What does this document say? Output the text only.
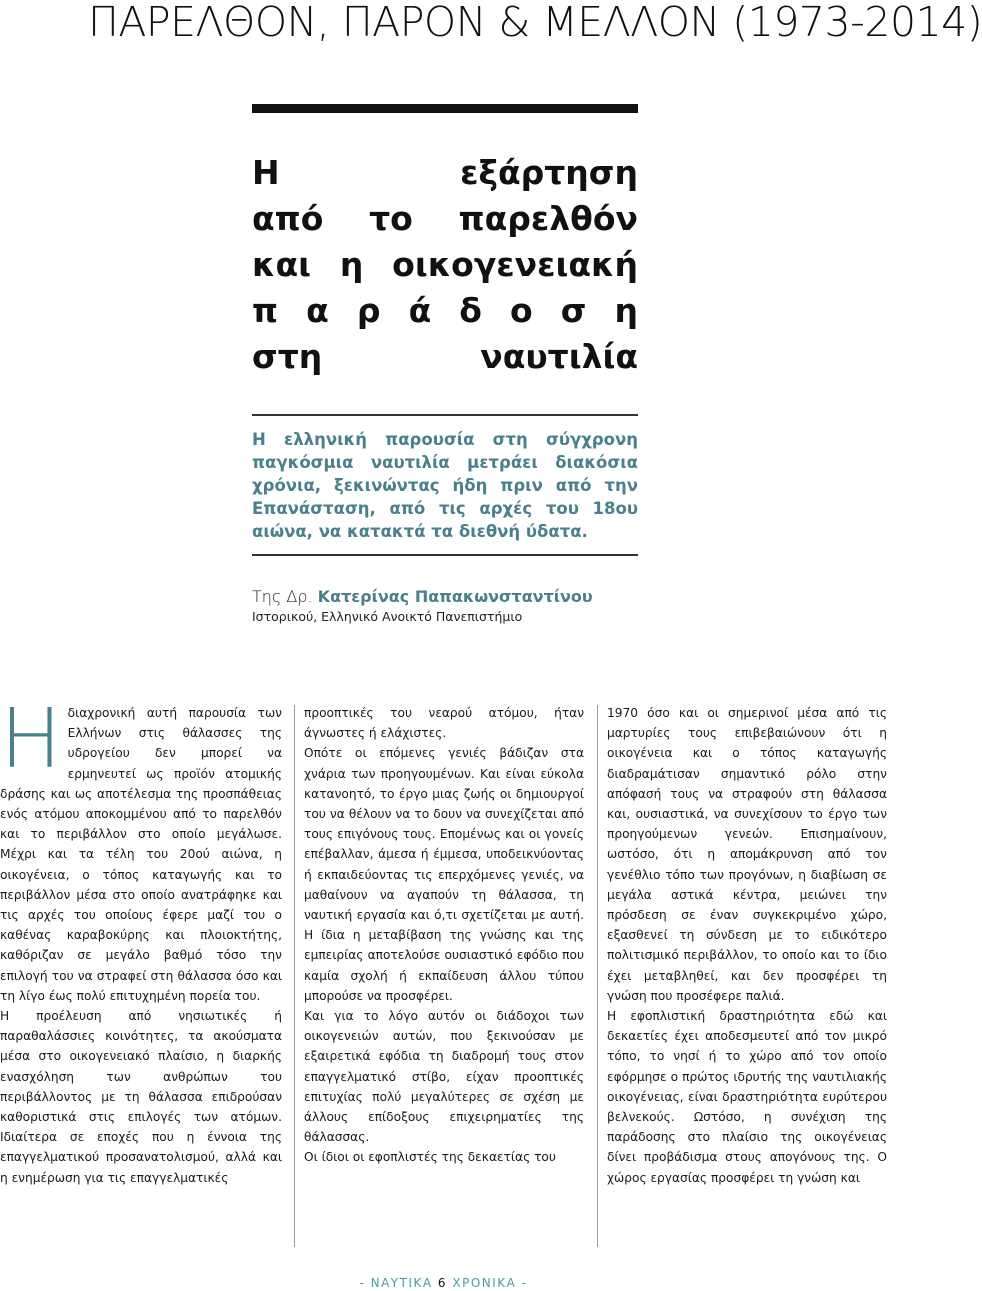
ΠΑΡΕΛΘΟΝ, ΠΑΡΟΝ & ΜΕΛΛΟΝ (1973-2014)
Η εξάρτηση
από το παρελθόν
και η οικογενειακή
π α ρ ά δ ο σ η
στη ναυτιλία
Η ελληνική παρουσία στη σύγχρονη
παγκόσμια ναυτιλία μετράει διακόσια
χρόνια, ξεκινώντας ήδη πριν από την
Επανάσταση, από τις αρχές του 18ου
αιώνα, να κατακτά τα διεθνή ύδατα.
Της Δρ. Κατερίνας Παπακωνσταντίνου
Ιστορικού, Ελληνικό Ανοικτό Πανεπιστήμιο
Η διαχρονική αυτή παρουσία των Ελλήνων στις θάλασσες της υδρογείου δεν μπορεί να ερμηνευτεί ως προϊόν ατομικής δράσης και ως αποτέλεσμα της προσπάθειας ενός ατόμου αποκομμένου από το παρελθόν και το περιβάλλον στο οποίο μεγάλωσε. Μέχρι και τα τέλη του 20ού αιώνα, η οικογένεια, ο τόπος καταγωγής και το περιβάλλον μέσα στο οποίο ανατράφηκε και τις αρχές του οποίους έφερε μαζί του ο καθένας καραβοκύρης και πλοιοκτήτης, καθόριζαν σε μεγάλο βαθμό τόσο την επιλογή του να στραφεί στη θάλασσα όσο και τη λίγο έως πολύ επιτυχημένη πορεία του.

Η προέλευση από νησιωτικές ή παραθαλάσσιες κοινότητες, τα ακούσματα μέσα στο οικογενειακό πλαίσιο, η διαρκής ενασχόληση των ανθρώπων του περιβάλλοντος με τη θάλασσα επιδρούσαν καθοριστικά στις επιλογές των ατόμων. Ιδιαίτερα σε εποχές που η έννοια της επαγγελματικού προσανατολισμού, αλλά και η ενημέρωση για τις επαγγελματικές

προοπτικές του νεαρού ατόμου, ήταν άγνωστες ή ελάχιστες.

Οπότε οι επόμενες γενιές βάδιζαν στα χνάρια των προηγουμένων. Και είναι εύκολα κατανοητό, το έργο μιας ζωής οι δημιουργοί του να θέλουν να το δουν να συνεχίζεται από τους επιγόνους τους. Επομένως και οι γονείς επέβαλλαν, άμεσα ή έμμεσα, υποδεικνύοντας ή εκπαιδεύοντας τις επερχόμενες γενιές, να μαθαίνουν να αγαπούν τη θάλασσα, τη ναυτική εργασία και ό,τι σχετίζεται με αυτή. Η ίδια η μεταβίβαση της γνώσης και της εμπειρίας αποτελούσε ουσιαστικό εφόδιο που καμία σχολή ή εκπαίδευση άλλου τύπου μπορούσε να προσφέρει.

Και για το λόγο αυτόν οι διάδοχοι των οικογενειών αυτών, που ξεκινούσαν με εξαιρετικά εφόδια τη διαδρομή τους στον επαγγελματικό στίβο, είχαν προοπτικές επιτυχίας πολύ μεγαλύτερες σε σχέση με άλλους επίδοξους επιχειρηματίες της θάλασσας.

Οι ίδιοι οι εφοπλιστές της δεκαετίας του

1970 όσο και οι σημερινοί μέσα από τις μαρτυρίες τους επιβεβαιώνουν ότι η οικογένεια και ο τόπος καταγωγής διαδραμάτισαν σημαντικό ρόλο στην απόφασή τους να στραφούν στη θάλασσα και, ουσιαστικά, να συνεχίσουν το έργο των προηγούμενων γενεών. Επισημαίνουν, ωστόσο, ότι η απομάκρυνση από τον γενέθλιο τόπο των προγόνων, η διαβίωση σε μεγάλα αστικά κέντρα, μειώνει την πρόσδεση σε έναν συγκεκριμένο χώρο, εξασθενεί τη σύνδεση με το ειδικότερο πολιτισμικό περιβάλλον, το οποίο και το ίδιο έχει μεταβληθεί, και δεν προσφέρει τη γνώση που προσέφερε παλιά.

Η εφοπλιστική δραστηριότητα εδώ και δεκαετίες έχει αποδεσμευτεί από τον μικρό τόπο, το νησί ή το χώρο από τον οποίο εφόρμησε ο πρώτος ιδρυτής της ναυτιλιακής οικογένειας, είναι δραστηριότητα ευρύτερου βελνεκούς. Ωστόσο, η συνέχιση της παράδοσης στο πλαίσιο της οικογένειας δίνει προβάδισμα στους απογόνους της. Ο χώρος εργασίας προσφέρει τη γνώση και

- ΝΑΥΤΙΚΑ 6 ΧΡΟΝΙΚΑ -
